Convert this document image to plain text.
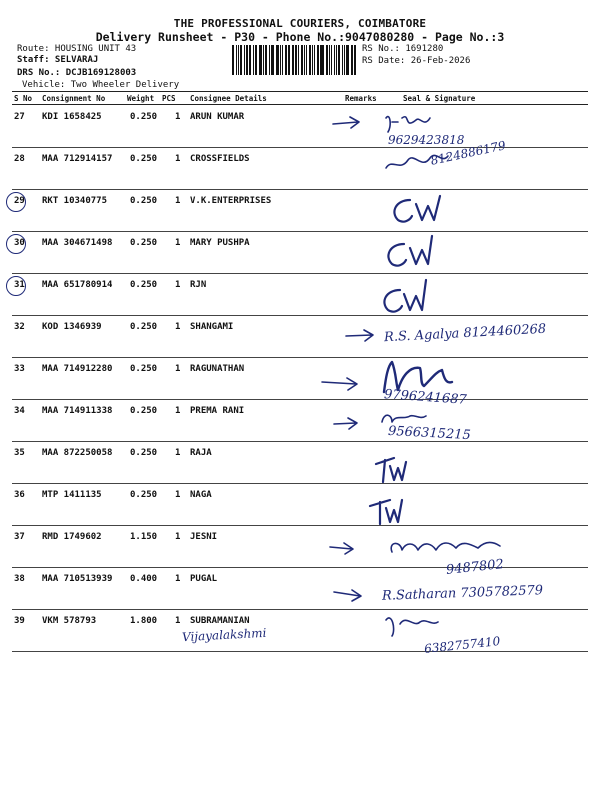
THE PROFESSIONAL COURIERS, COIMBATORE
Delivery Runsheet - P30 - Phone No.:9047080280 - Page No.:3
Route: HOUSING UNIT 43
Staff: SELVARAJ
DRS No.: DCJB169128003
Vehicle: Two Wheeler Delivery
RS No.: 1691280
RS Date: 26-Feb-2026
S No Consignment No	Weight PCS Consignee Details	Remarks	Seal & Signature
27 KDI 1658425	0.250 1 ARUN KUMAR
28 MAA 712914157 0.250 1 CROSSFIELDS
29 RKT 10340775	0.250 1 V.K.ENTERPRISES
30 MAA 304671498 0.250 1 MARY PUSHPA
31 MAA 651780914 0.250 1 RJN
32 KOD 1346939	0.250 1 SHANGAMI
33 MAA 714912280 0.250 1 RAGUNATHAN
34 MAA 714911338 0.250 1 PREMA RANI
35 MAA 872250058 0.250 1 RAJA
36 MTP 1411135	0.250 1 NAGA
37 RMD 1749602	1.150 1 JESNI
38 MAA 710513939 0.400 1 PUGAL
39 VKM 578793	1.800 1 SUBRAMANIAN
9629423818
8124886179
R.S. Agalya 8124460268
9796241687
9566315215
9487802
R.Satharan 7305782579
6382757410
Vijayalakshmi
